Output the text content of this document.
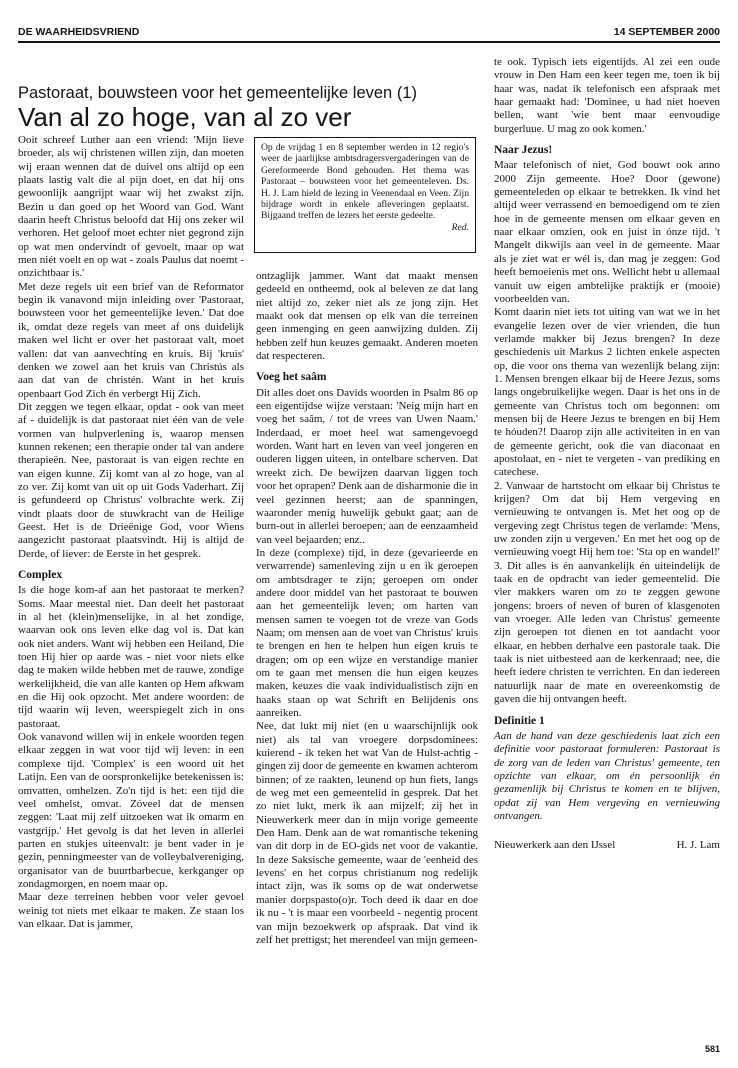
DE WAARHEIDSVRIEND	14 SEPTEMBER 2000
Pastoraat, bouwsteen voor het gemeentelijke leven (1)
Van al zo hoge, van al zo ver
Op de vrijdag 1 en 8 september werden in 12 regio's weer de jaarlijkse ambtsdragersvergaderingen van de Gereformeerde Bond gehouden. Het thema was Pastoraat – bouwsteen voor het gemeenteleven. Ds. H. J. Lam hield de lezing in Veenendaal en Veen. Zijn bijdrage wordt in enkele afleveringen geplaatst. Bijgaand treffen de lezers het eerste gedeelte.
Red.

Ooit schreef Luther aan een vriend: 'Mijn lieve broeder, als wij christenen willen zijn, dan moeten wij eraan wennen dat de duivel ons altijd op een plaats lastig valt die al pijn doet, en dat hij ons gewoonlijk aangrijpt waar wij het zwakst zijn. Bezin u dan goed op het Woord van God. Want daarin heeft Christus beloofd dat Hij ons zeker wil verhoren. Het geloof moet echter niet gegrond zijn op wat men ondervindt of gevoelt, maar op wat men niét voelt en op wat - zoals Paulus dat noemt - onzichtbaar is.'

Met deze regels uit een brief van de Reformator begin ik vanavond mijn inleiding over 'Pastoraat, bouwsteen voor het gemeentelijke leven.' Dat doe ik, omdat deze regels van meet af ons duidelijk maken wel licht er over het pastoraat valt, moet vallen: dat van aanvechting en kruis. Bij 'kruis' denken we zowel aan het kruis van Christús als aan dat van de christén. Want in het kruis openbaart God Zich én verbergt Hij Zich.

Dit zeggen we tegen elkaar, opdat - ook van meet af - duidelijk is dat pastoraat niet één van de vele vormen van hulpverlening is, waarop mensen kunnen rekenen; een therapie onder tal van andere therapieën. Nee, pastoraat is van eigen rechte en van eigen kunne. Zij komt van al zo hoge, van al zo ver. Zij komt van uit op uit Gods Vaderhart. Zij is gefundeerd op Christus' volbrachte werk. Zij vindt plaats door de stuwkracht van de Heilige Geest. Het is de Drieënige God, voor Wiens aangezicht pastoraat plaatsvindt. Hij is altijd de Derde, of liever: de Eerste in het gesprek.

Complex

Is die hoge kom-af aan het pastoraat te merken? Soms. Maar meestal niet. Dan deelt het pastoraat in al het (klein)menselijke, in al het zondige, waarvan ook ons leven elke dag vol is. Dat kan ook niet anders. Want wij hebben een Heiland, Die toen Hij hier op aarde was - niet voor niets elke dag te maken wilde hebben met de rauwe, zondige werkelijkheid, die van alle kanten op Hem afkwam en die Hij ook opzocht. Met andere woorden: de tijd waarin wij leven, weerspiegelt zich in ons pastoraat.

Ook vanavond willen wij in enkele woorden tegen elkaar zeggen in wat voor tijd wij leven: in een complexe tijd. 'Complex' is een woord uit het Latijn. Een van de oorspronkelijke betekenissen is: omvatten, omhelzen. Zo'n tijd is het: een tijd die veel omhelst, omvat. Zóveel dat de mensen zeggen: 'Laat mij zelf uitzoeken wat ik omarm en vastgrijp.' Het gevolg is dat het leven in allerlei parten en stukjes uiteenvalt: je bent vader in je gezin, penningmeester van de volleybalvereniging, organisator van de buurtbarbecue, kerkganger op zondagmorgen, en noem maar op.

Maar deze terreinen hebben voor veler gevoel weinig tot niets met elkaar te maken. Ze staan los van elkaar. Dat is jammer,

ontzaglijk jammer. Want dat maakt mensen gedeeld en ontheemd, ook al beleven ze dat lang niet altijd zo, zeker niet als ze jong zijn. Het maakt ook dat mensen op elk van die terreinen geen inmenging en geen aanwijzing dulden. Zij hebben zelf hun keuzes gemaakt. Anderen moeten dat respecteren.

Voeg het saâm

Dit alles doet ons Davids woorden in Psalm 86 op een eigentijdse wijze verstaan: 'Neig mijn hart en voeg het saâm, / tot de vrees van Uwen Naam.' Inderdaad, er moet heel wat samengevoegd worden. Want hart en leven van veel jongeren en ouderen liggen uiteen, in ontelbare scherven. Dat wreekt zich. De bewijzen daarvan liggen toch voor het oprapen? Denk aan de disharmonie die in veel gezinnen heerst; aan de spanningen, waaronder menig huwelijk gebukt gaat; aan de burn-out in allerlei beroepen; aan de eenzaamheid van veel bejaarden; enz..

In deze (complexe) tijd, in deze (gevarieerde en verwarrende) samenleving zijn u en ik geroepen om ambtsdrager te zijn; geroepen om onder andere door middel van het pastoraat te bouwen aan het gemeentelijk leven; om harten van mensen samen te voegen tot de vreze van Gods Naam; om mensen aan de voet van Christus' kruis te brengen en hen te helpen hun eigen kruis te dragen; om op een wijze en verstandige manier om te gaan met mensen die hun eigen keuzes maken, keuzes die vaak individualistisch zijn en haaks staan op wat Schrift en Belijdenis ons aanreiken.

Nee, dat lukt mij niet (en u waarschijnlijk ook niet) als tal van vroegere dorpsdominees: kuierend - ik teken het wat Van de Hulst-achtig - gingen zij door de gemeente en kwamen achterom binnen; of ze raakten, leunend op hun fiets, langs de weg met een gemeentelid in gesprek. Dat het zo niet lukt, merk ik aan mijzelf; zij het in Nieuwerkerk meer dan in mijn vorige gemeente Den Ham. Denk aan de wat romantische tekening van dit dorp in de EO-gids net voor de vakantie. In deze Saksische gemeente, waar de 'eenheid des levens' en het corpus christianum nog redelijk intact zijn, was ik soms op de wat onderwetse manier dorpspasto(o)r. Toch deed ik daar en doe ik nu - 't is maar een voorbeeld - negentig procent van mijn bezoekwerk op afspraak. Dat vind ik zelf het prettigst; het merendeel van mijn gemeen-

te ook. Typisch iets eigentijds. Al zei een oude vrouw in Den Ham een keer tegen me, toen ik bij haar was, nadat ik telefonisch een afspraak met haar gemaakt had: 'Dominee, u had niet hoeven bellen, want 'wie bent maar eenvoudige burgerluue. U mag zo ook komen.'

Naar Jezus!

Maar telefonisch of niet, God bouwt ook anno 2000 Zijn gemeente. Hoe? Door (gewone) gemeenteleden op elkaar te betrekken. Ik vind het altijd weer verrassend en bemoedigend om te zien hoe in de gemeente mensen om elkaar geven en naar elkaar omzien, ook en juist in ónze tijd. 't Mangelt dikwijls aan veel in de gemeente. Maar als je ziet wat er wél is, dan mag je zeggen: God heeft bemoeienis met ons. Wellicht hebt u allemaal vanuit uw eigen ambtelijke praktijk er (mooie) voorbeelden van.

Komt daarin niet iets tot uiting van wat we in het evangelie lezen over de vier vrienden, die hun verlamde makker bij Jezus brengen? In deze geschiedenis uit Markus 2 lichten enkele aspecten op, die voor ons thema van wezenlijk belang zijn: 1. Mensen brengen elkaar bij de Heere Jezus, soms langs ongebruikelijke wegen. Daar is het ons in de gemeente van Christus toch om begonnen: om mensen bij de Heere Jezus te brengen en bij Hem te hóuden?! Daarop zijn alle activiteiten in en van de gemeente gericht, ook die van diaconaat en apostolaat, en - niet te vergeten - van prediking en catechese.

2. Vanwaar de hartstocht om elkaar bij Christus te krijgen? Om dat bij Hem vergeving en vernieuwing te ontvangen is. Met het oog op de vergeving zegt Christus tegen de verlamde: 'Mens, uw zonden zijn u vergeven.' En met het oog op de vernieuwing voegt Hij hem toe: 'Sta op en wandel!'

3. Dit alles is én aanvankelijk én uiteindelijk de taak en de opdracht van ieder gemeentelid. Die vier makkers waren om zo te zeggen gewone jongens: broers of neven of buren of klasgenoten van vroeger. Alle leden van Christus' gemeente zijn geroepen tot dienen en tot aandacht voor elkaar, en hebben derhalve een pastorale taak. Die taak is niet uitbesteed aan de kerkenraad; nee, die heeft iedere christen te verrichten. En dan iedereen natuurlijk naar de mate en overeenkomstig de gaven die hij ontvangen heeft.

Definitie 1

Aan de hand van deze geschiedenis laat zich een definitie voor pastoraat formuleren: Pastoraat is de zorg van de leden van Christus' gemeente, ten opzichte van elkaar, om én persoonlijk én gezamenlijk bij Christus te komen en te blijven, opdat zij van Hem vergeving en vernieuwing ontvangen.

Nieuwerkerk aan den IJssel	H. J. Lam
581
